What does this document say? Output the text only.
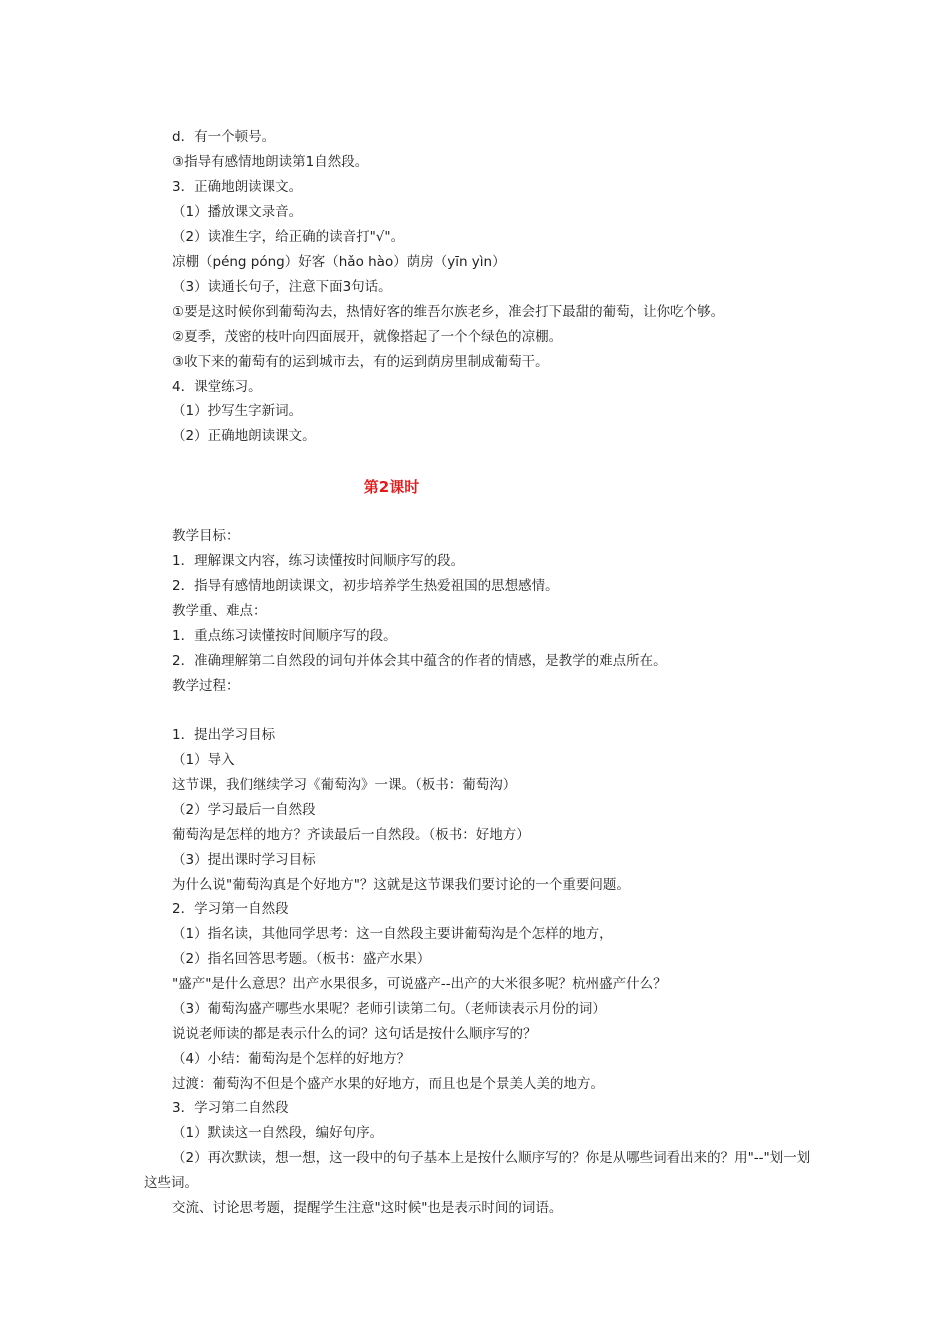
d．有一个顿号。
③指导有感情地朗读第1自然段。
3．正确地朗读课文。
（1）播放课文录音。
（2）读准生字，给正确的读音打"√"。
凉棚（péng póng）好客（hǎo hào）荫房（yīn yìn）
（3）读通长句子，注意下面3句话。
①要是这时候你到葡萄沟去，热情好客的维吾尔族老乡，准会打下最甜的葡萄，让你吃个够。
②夏季，茂密的枝叶向四面展开，就像搭起了一个个绿色的凉棚。
③收下来的葡萄有的运到城市去，有的运到荫房里制成葡萄干。
4．课堂练习。
（1）抄写生字新词。
（2）正确地朗读课文。
第2课时
教学目标：
1．理解课文内容，练习读懂按时间顺序写的段。
2．指导有感情地朗读课文，初步培养学生热爱祖国的思想感情。
教学重、难点：
1．重点练习读懂按时间顺序写的段。
2．准确理解第二自然段的词句并体会其中蕴含的作者的情感，是教学的难点所在。
教学过程：
1．提出学习目标
（1）导入
这节课，我们继续学习《葡萄沟》一课。（板书：葡萄沟）
（2）学习最后一自然段
葡萄沟是怎样的地方？齐读最后一自然段。（板书：好地方）
（3）提出课时学习目标
为什么说"葡萄沟真是个好地方"？这就是这节课我们要讨论的一个重要问题。
2．学习第一自然段
（1）指名读，其他同学思考：这一自然段主要讲葡萄沟是个怎样的地方，
（2）指名回答思考题。（板书：盛产水果）
"盛产"是什么意思？出产水果很多，可说盛产--出产的大米很多呢？杭州盛产什么？
（3）葡萄沟盛产哪些水果呢？老师引读第二句。（老师读表示月份的词）
说说老师读的都是表示什么的词？这句话是按什么顺序写的？
（4）小结：葡萄沟是个怎样的好地方？
过渡：葡萄沟不但是个盛产水果的好地方，而且也是个景美人美的地方。
3．学习第二自然段
（1）默读这一自然段，编好句序。
（2）再次默读，想一想，这一段中的句子基本上是按什么顺序写的？你是从哪些词看出来的？用"--"划一划这些词。
交流、讨论思考题，提醒学生注意"这时候"也是表示时间的词语。
